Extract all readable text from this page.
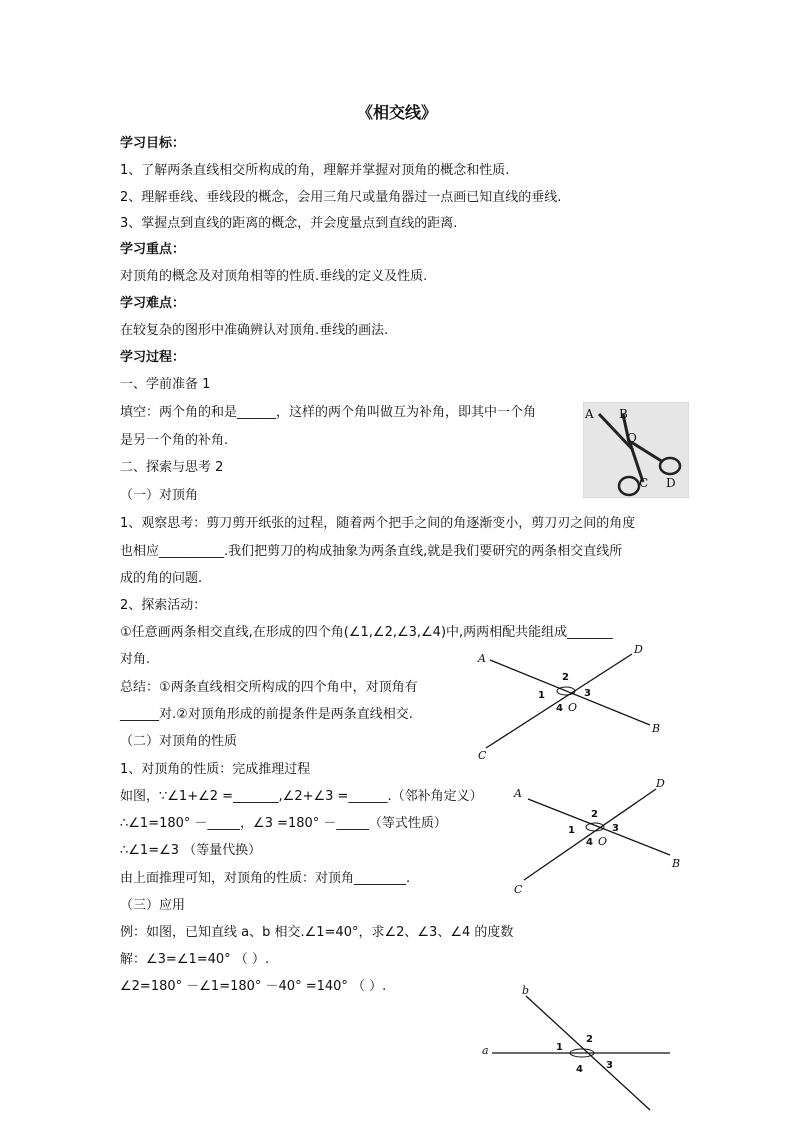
《相交线》
学习目标：
1、了解两条直线相交所构成的角，理解并掌握对顶角的概念和性质.
2、理解垂线、垂线段的概念，会用三角尺或量角器过一点画已知直线的垂线.
3、掌握点到直线的距离的概念，并会度量点到直线的距离.
学习重点：
对顶角的概念及对顶角相等的性质.垂线的定义及性质.
学习难点：
在较复杂的图形中准确辨认对顶角.垂线的画法.
学习过程：
一、学前准备 1
填空：两个角的和是______，这样的两个角叫做互为补角，即其中一个角
是另一个角的补角.
二、探索与思考 2
（一）对顶角
1、观察思考：剪刀剪开纸张的过程，随着两个把手之间的角逐渐变小，剪刀刃之间的角度
也相应__________.我们把剪刀的构成抽象为两条直线,就是我们要研究的两条相交直线所
成的角的问题.
2、探索活动：
①任意画两条相交直线,在形成的四个角(∠1,∠2,∠3,∠4)中,两两相配共能组成_______
对角.
总结：①两条直线相交所构成的四个角中，对顶角有
______对.②对顶角形成的前提条件是两条直线相交.
（二）对顶角的性质
1、对顶角的性质：完成推理过程
如图，∵∠1+∠2 =_______,∠2+∠3 =______.（邻补角定义）
∴∠1=180° －_____，∠3 =180° －_____（等式性质）
∴∠1=∠3 （等量代换）
由上面推理可知，对顶角的性质：对顶角________.
（三）应用
例：如图，已知直线 a、b 相交.∠1=40°，求∠2、∠3、∠4 的度数
解：∠3=∠1=40° （ ）.
∠2=180° －∠1=180° －40° =140° （ ）.
A B
O
C D
A
B
C
D
O
1
2
3
4
A
B
C
D
O
1
2
3
4
a
b
1
2
3
4
